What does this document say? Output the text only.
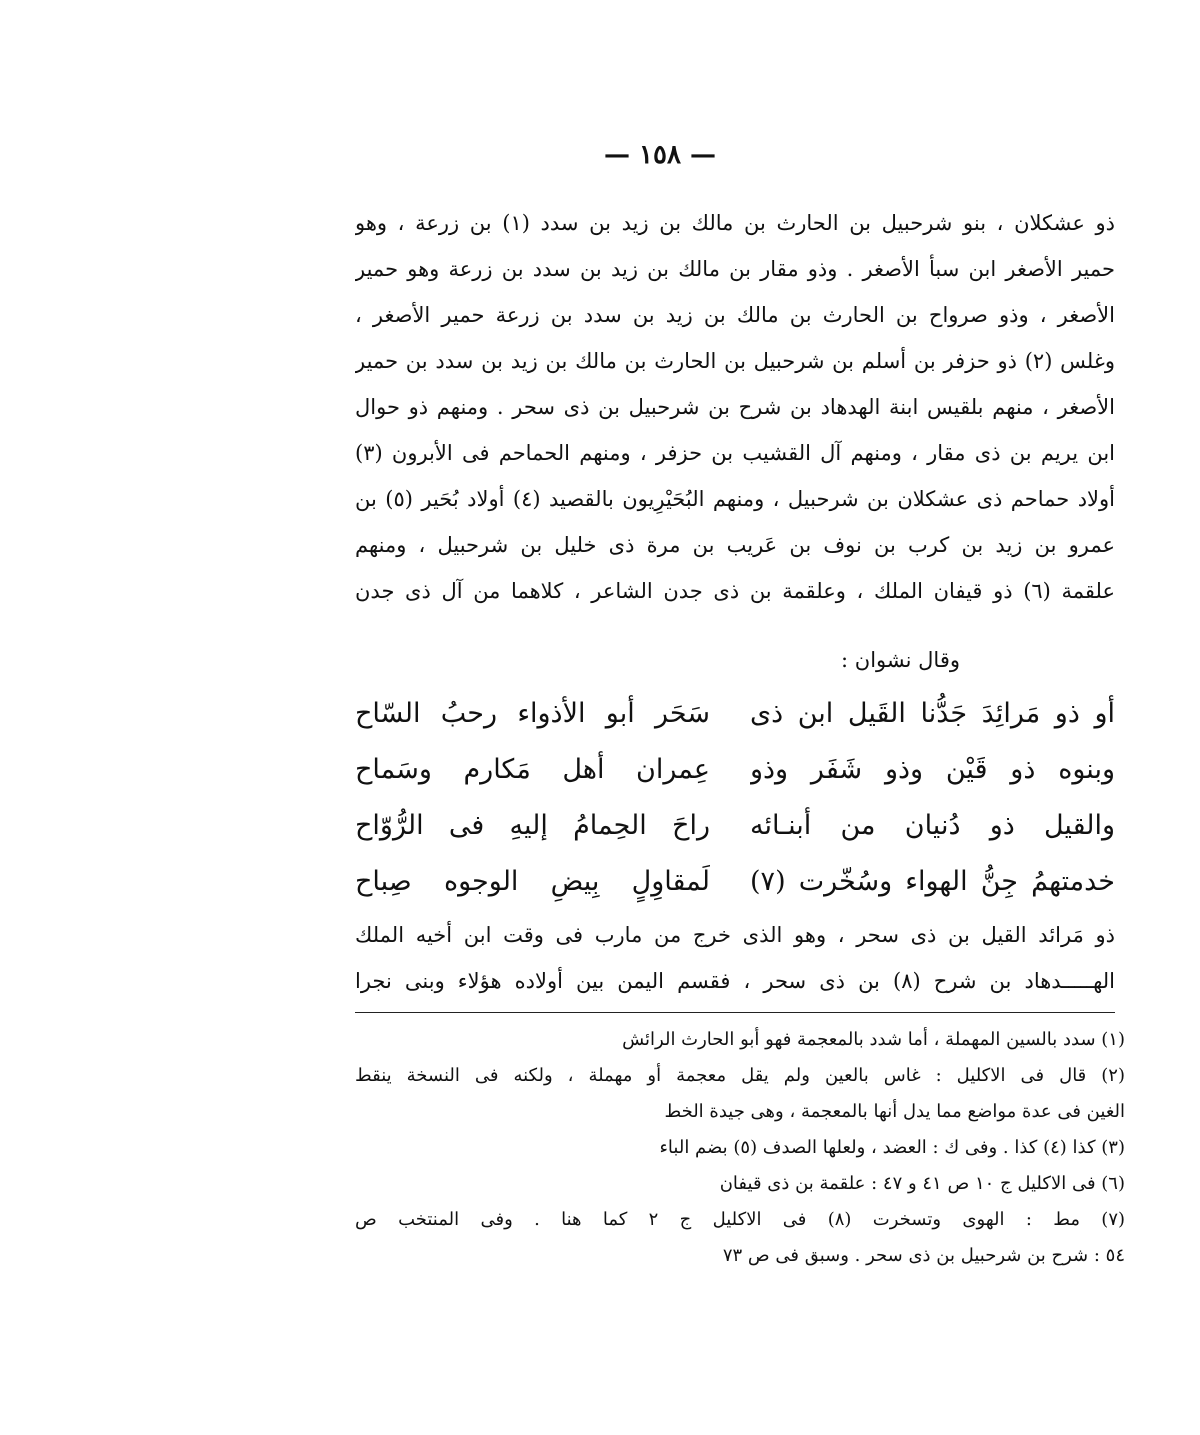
— ١٥٨ —
ذو عشكلان ، بنو شرحبيل بن الحارث بن مالك بن زيد بن سدد (١) بن زرعة ، وهو
حمير الأصغر ابن سبأ الأصغر . وذو مقار بن مالك بن زيد بن سدد بن زرعة وهو حمير
الأصغر ، وذو صرواح بن الحارث بن مالك بن زيد بن سدد بن زرعة حمير الأصغر ،
وغلس (٢) ذو حزفر بن أسلم بن شرحبيل بن الحارث بن مالك بن زيد بن سدد بن حمير
الأصغر ، منهم بلقيس ابنة الهدهاد بن شرح بن شرحبيل بن ذى سحر . ومنهم ذو حوال
ابن يريم بن ذى مقار ، ومنهم آل القشيب بن حزفر ، ومنهم الحماحم فى الأبرون (٣)
أولاد حماحم ذى عشكلان بن شرحبيل ، ومنهم البُحَيْرِيون بالقصيد (٤) أولاد بُحَير (٥) بن
عمرو بن زيد بن كرب بن نوف بن عَريب بن مرة ذى خليل بن شرحبيل ، ومنهم
علقمة (٦) ذو قيفان الملك ، وعلقمة بن ذى جدن الشاعر ، كلاهما من آل ذى جدن
وقال نشوان :
أو ذو مَرائِدَ جَدُّنا القَيل ابن ذى
سَحَر أبو الأذواء رحبُ السّاح
وبنوه ذو قَيْن وذو شَفَر وذو
عِمران أهل مَكارم وسَماح
والقيل ذو دُنيان من أبنـائه
راحَ الحِمامُ إليهِ فى الرُّوّاح
خدمتهمُ جِنُّ الهواء وسُخّرت (٧)
لَمقاوِلٍ بِيضِ الوجوه صِباح
ذو مَرائد القيل بن ذى سحر ، وهو الذى خرج من مارب فى وقت ابن أخيه الملك
الهـــــدهاد بن شرح (٨) بن ذى سحر ، فقسم اليمن بين أولاده هؤلاء وبنى نجرا
(١) سدد بالسين المهملة ، أما شدد بالمعجمة فهو أبو الحارث الرائش
(٢) قال فى الاكليل : غاس بالعين ولم يقل معجمة أو مهملة ، ولكنه فى النسخة ينقط
الغين فى عدة مواضع مما يدل أنها بالمعجمة ، وهى جيدة الخط
(٣) كذا (٤) كذا . وفى ك : العضد ، ولعلها الصدف (٥) بضم الباء
(٦) فى الاكليل ج ١٠ ص ٤١ و ٤٧ : علقمة بن ذى قيفان
(٧) مط : الهوى وتسخرت (٨) فى الاكليل ج ٢ كما هنا . وفى المنتخب ص
٥٤ : شرح بن شرحبيل بن ذى سحر . وسبق فى ص ٧٣
